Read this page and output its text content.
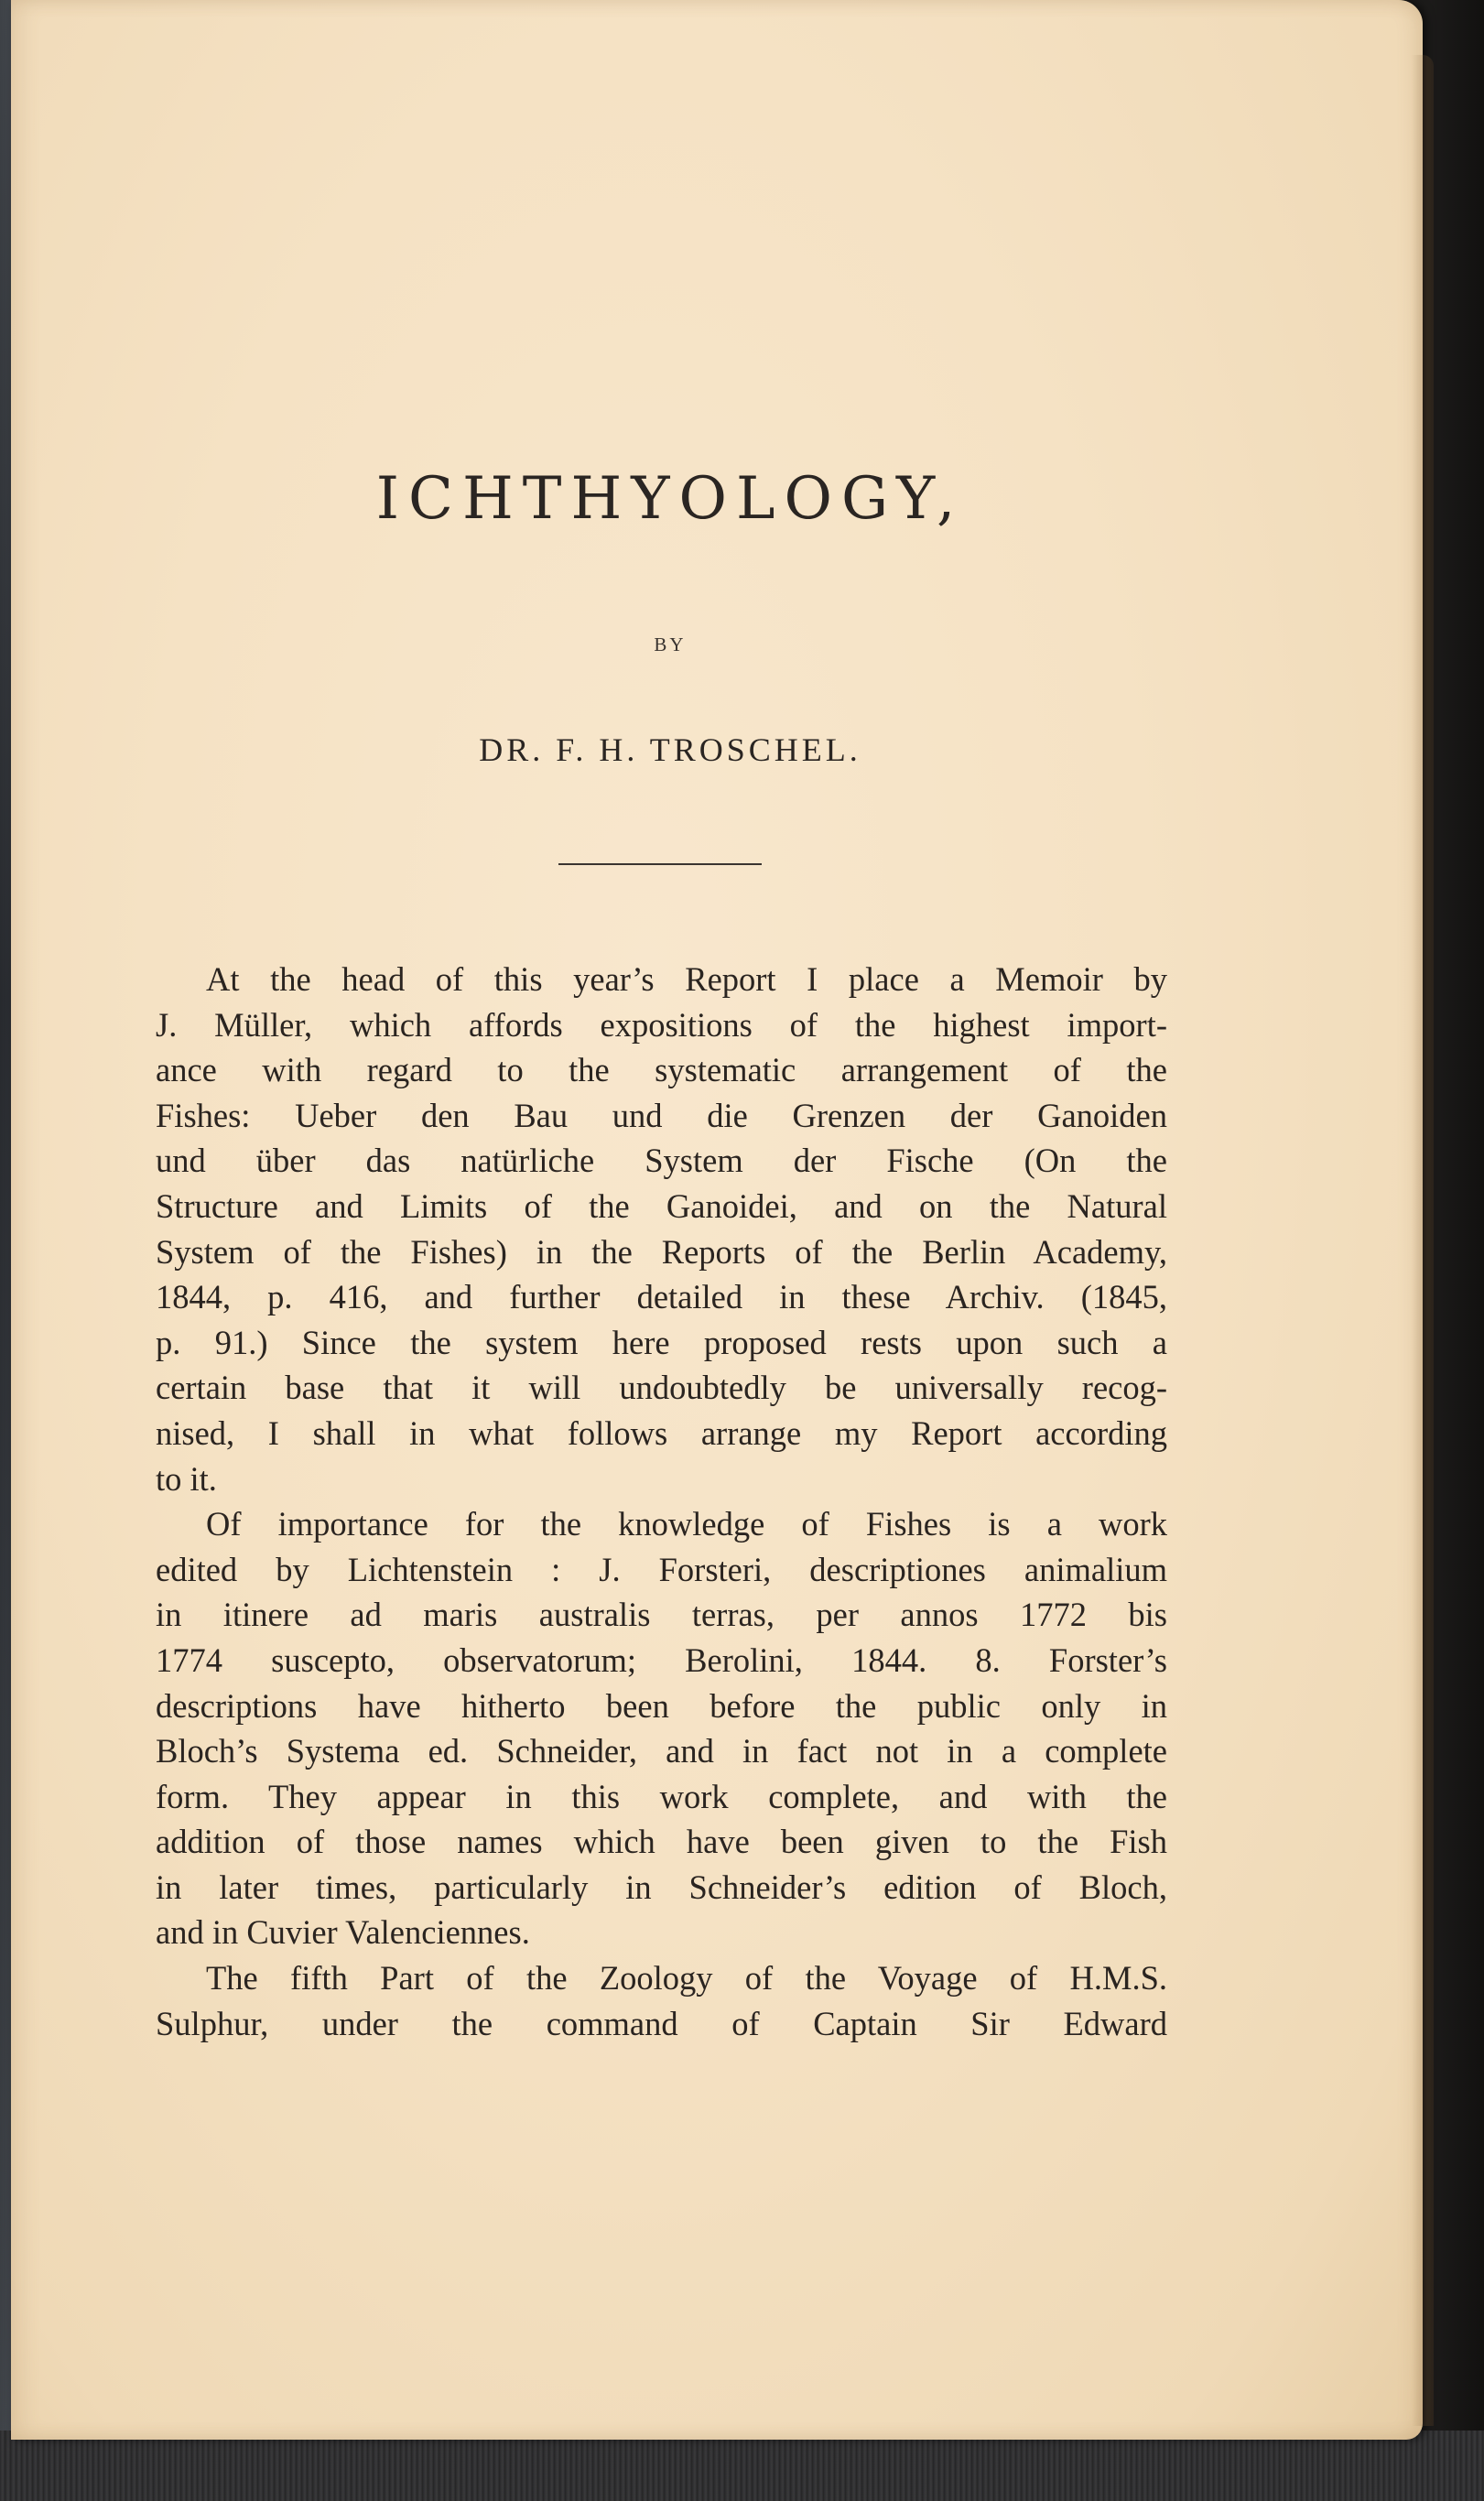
ICHTHYOLOGY,
BY
DR. F. H. TROSCHEL.
At the head of this year’s Report I place a Memoir by
J. Müller, which affords expositions of the highest import-
ance with regard to the systematic arrangement of the
Fishes: Ueber den Bau und die Grenzen der Ganoiden
und über das natürliche System der Fische (On the
Structure and Limits of the Ganoidei, and on the Natural
System of the Fishes) in the Reports of the Berlin Academy,
1844, p. 416, and further detailed in these Archiv. (1845,
p. 91.) Since the system here proposed rests upon such a
certain base that it will undoubtedly be universally recog-
nised, I shall in what follows arrange my Report according
to it.
Of importance for the knowledge of Fishes is a work
edited by Lichtenstein : J. Forsteri, descriptiones animalium
in itinere ad maris australis terras, per annos 1772 bis
1774 suscepto, observatorum; Berolini, 1844. 8. Forster’s
descriptions have hitherto been before the public only in
Bloch’s Systema ed. Schneider, and in fact not in a complete
form. They appear in this work complete, and with the
addition of those names which have been given to the Fish
in later times, particularly in Schneider’s edition of Bloch,
and in Cuvier Valenciennes.
The fifth Part of the Zoology of the Voyage of H.M.S.
Sulphur, under the command of Captain Sir Edward
